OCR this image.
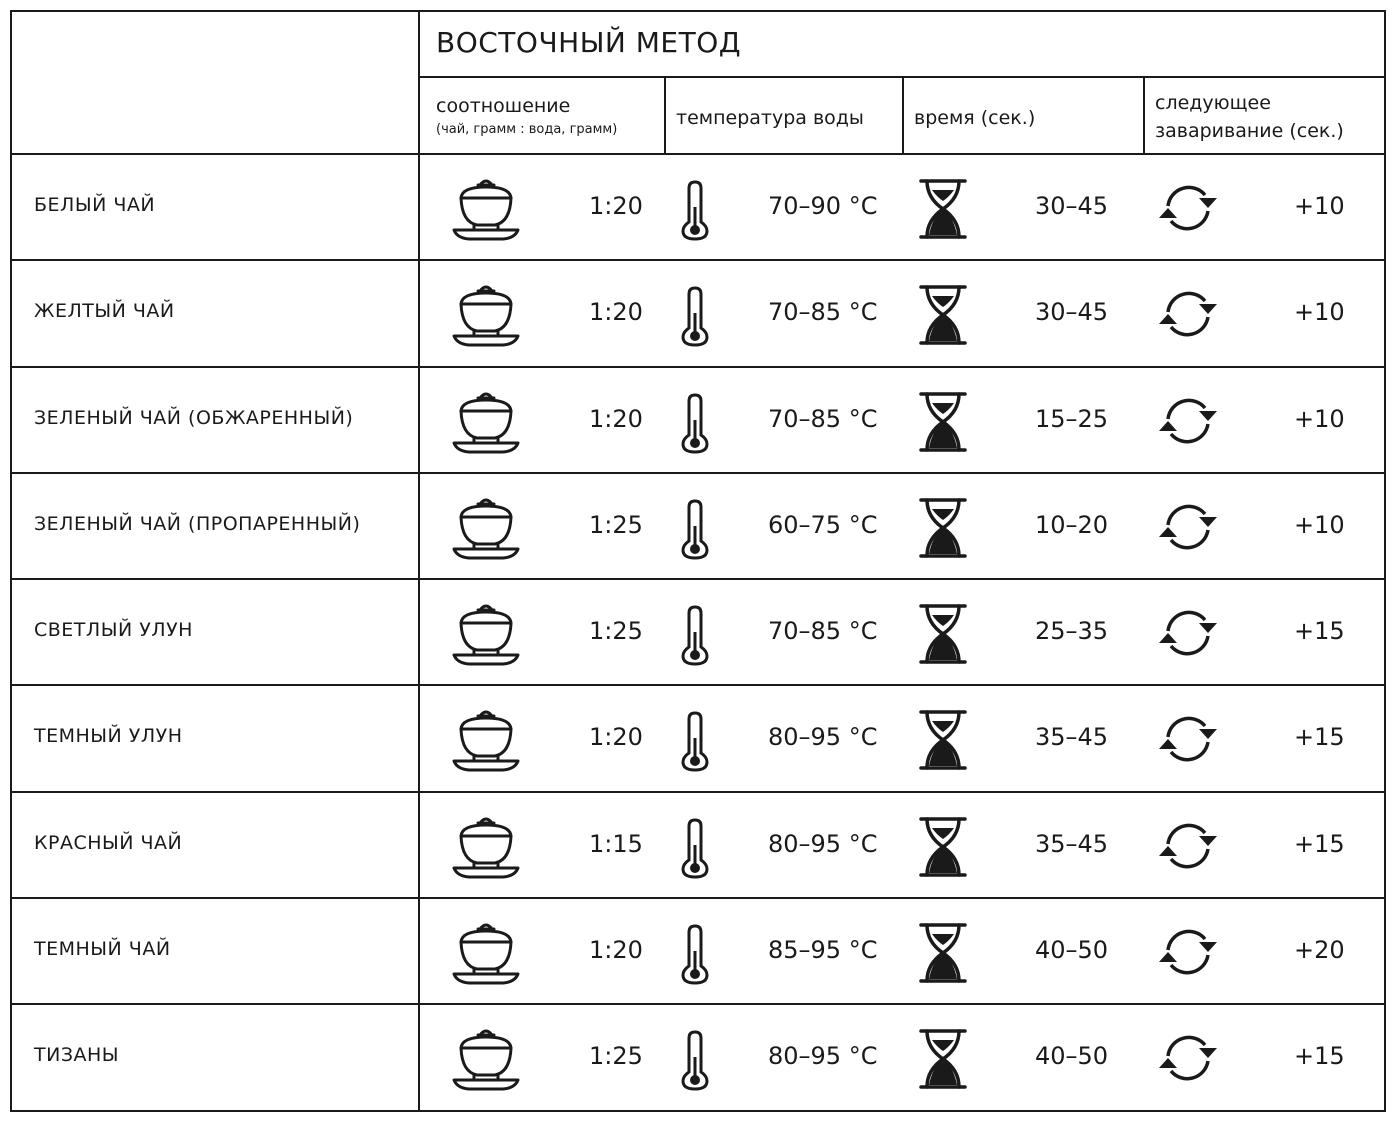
ВОСТОЧНЫЙ МЕТОД
соотношение
(чай, грамм : вода, грамм)
температура воды	время (сек.)
следующее
заваривание (сек.)
БЕЛЫЙ ЧАЙ	1:20	70–90 °C	30–45	+10
ЖЕЛТЫЙ ЧАЙ	1:20	70–85 °C	30–45	+10
ЗЕЛЕНЫЙ ЧАЙ (ОБЖАРЕННЫЙ)	1:20	70–85 °C	15–25	+10
ЗЕЛЕНЫЙ ЧАЙ (ПРОПАРЕННЫЙ)	1:25	60–75 °C	10–20	+10
СВЕТЛЫЙ УЛУН	1:25	70–85 °C	25–35	+15
ТЕМНЫЙ УЛУН	1:20	80–95 °C	35–45	+15
КРАСНЫЙ ЧАЙ	1:15	80–95 °C	35–45	+15
ТЕМНЫЙ ЧАЙ	1:20	85–95 °C	40–50	+20
ТИЗАНЫ	1:25	80–95 °C	40–50	+15
